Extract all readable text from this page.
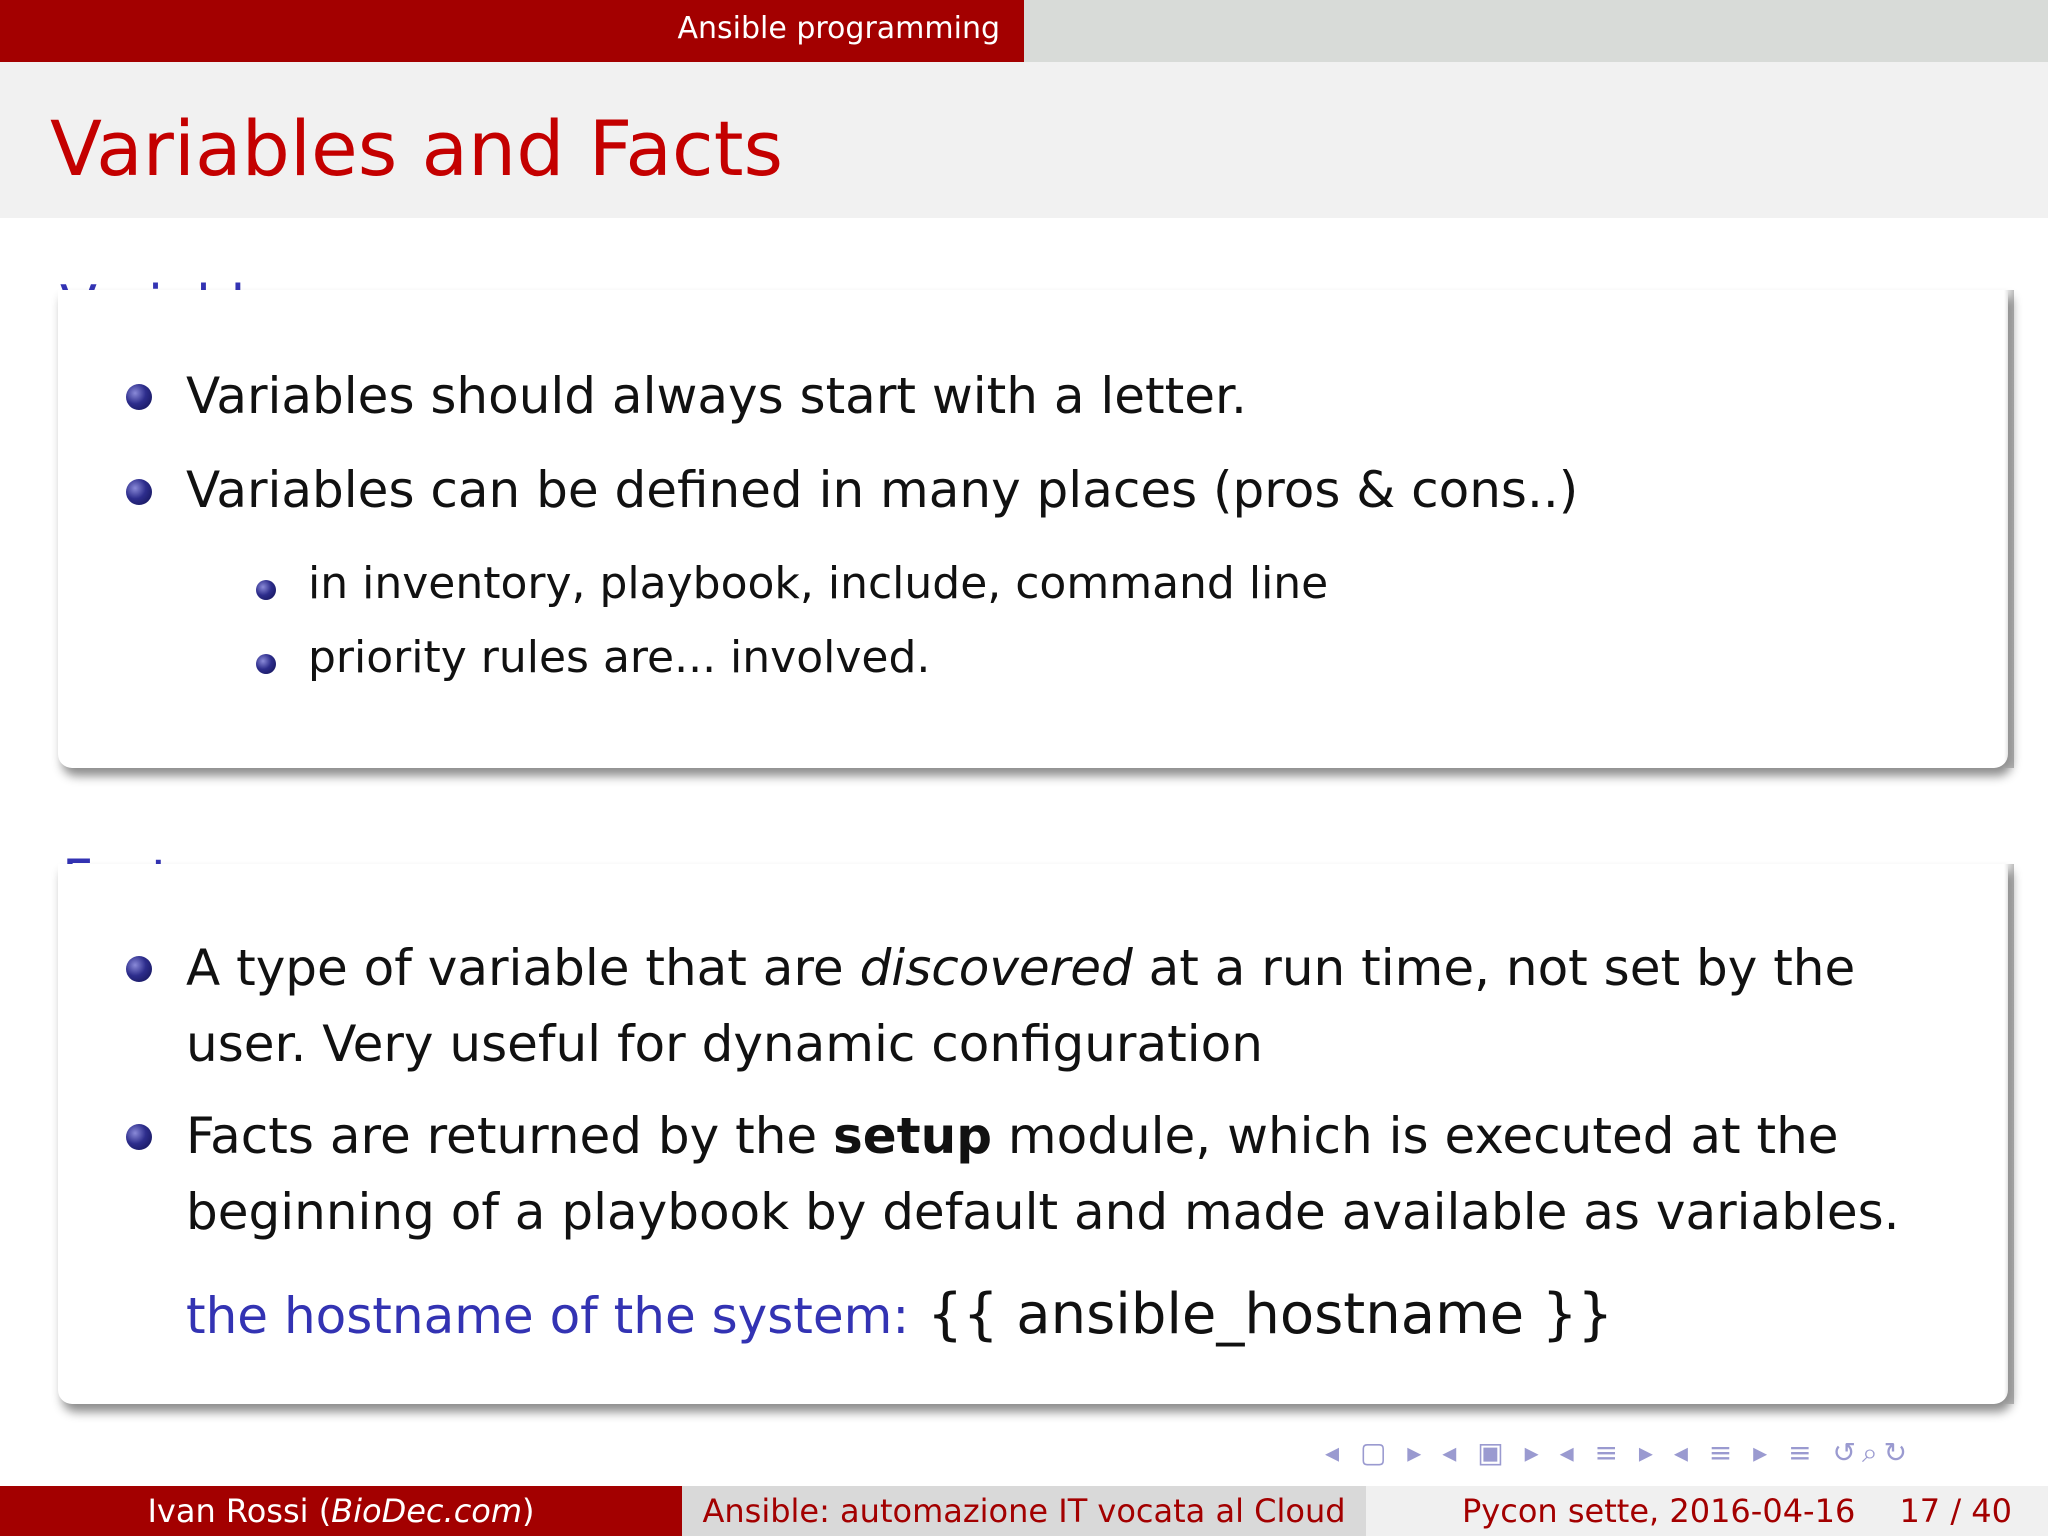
Ansible programming
Variables and Facts
Variables should always start with a letter.
Variables can be defined in many places (pros & cons..)
in inventory, playbook, include, command line
priority rules are... involved.
A type of variable that are discovered at a run time, not set by the
user. Very useful for dynamic configuration
Facts are returned by the setup module, which is executed at the
beginning of a playbook by default and made available as variables.
the hostname of the system: {{ ansible_hostname }}
◂ ▢ ▸ ◂ ▣ ▸ ◂ ≡ ▸ ◂ ≡ ▸ ≡ ↺⌕↻
Ivan Rossi (BioDec.com)	Ansible: automazione IT vocata al Cloud	Pycon sette, 2016-04-16 17 / 40
